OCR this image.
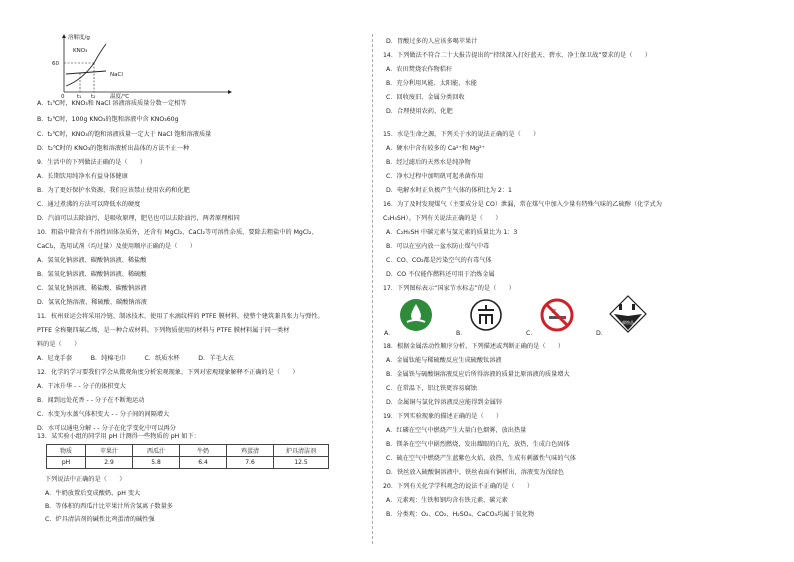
溶解度/g
KNO₃
NaCl
60
0 t₁ t₂	温度/℃
A．t₁℃时，KNO₃和 NaCl 溶液溶质质量分数一定相等
B．t₂℃时，100g KNO₃的饱和溶液中含 KNO₃60g
C．t₂℃时，KNO₃的饱和溶液质量一定大于 NaCl 饱和溶液质量
D．t₂℃时的 KNO₃的饱和溶液析出晶体的方法不止一种
9．生活中的下列做法正确的是（　　）
A．长期饮用纯净水有益身体健康
B．为了更好保护水资源，我们应该禁止使用农药和化肥
C．通过煮沸的方法可以降低水的硬度
D．汽油可以去除油污，是吸收原理，肥皂也可以去除油污，两者原理相同
10．粗盐中除含有不溶性固体杂质外，还含有 MgCl₂、CaCl₂等可溶性杂质，要除去粗盐中的 MgCl₂、
CaCl₂，选用试剂（均过量）及使用顺序正确的是（　　）
A．氢氧化钠溶液、碳酸钠溶液、稀盐酸
B．氢氧化钠溶液、碳酸钠溶液、稀硫酸
C．氢氧化钠溶液、稀盐酸、碳酸钠溶液
D．氢氧化钠溶液、稀硫酸、碳酸钠溶液
11．杭州亚运会将采用冷链、制冰技术、使用了水滴纹样的 PTFE 膜材料，使整个建筑兼具张力与弹性。
PTFE 全称聚四氟乙烯，是一种合成材料。下列物质使用的材料与 PTFE 膜材料属于同一类材
料的是（　　）
A．尼龙手套　　　B．纯棉毛巾　　　C．纸质水杯　　　D．羊毛大衣
12．化学的学习要我们学会从微观角度分析宏观现象，下列对宏观现象解释不正确的是（　　）
A．干冰升华 - - 分子的体积变大
B．闻到远处花香 - - 分子在不断地运动
C．水变为水蒸气体积变大 - - 分子间的间隔增大
D．水可以通电分解 - - 分子在化学变化中可以再分
13．某实验小组的同学用 pH 计测得一些物质的 pH 如下：
下列说法中正确的是（　　）
A．牛奶放置后变成酸奶，pH 变大
B．等体积的西瓜汁比苹果汁所含氢离子数量多
C．炉具清洁剂的碱性比鸡蛋清的碱性强
物质	苹果汁	西瓜汁	牛奶	鸡蛋清	炉具清洁剂
pH	2.9	5.8	6.4	7.6	12.5
D．胃酸过多的人应该多喝苹果汁
14．下列做法不符合二十大报告提出的“持续深入打好蓝天、碧水、净土保卫战”要求的是（　　）
A．农田焚烧农作物秸秆
B．充分利用风能、太阳能、水能
C．回收废旧、金属分类回收
D．合理使用农药、化肥
15．水是生命之源，下列关于水的说法正确的是（　　）
A．硬水中含有较多的 Ca²⁺和 Mg²⁺
B．经过滤后的天然水是纯净物
C．净水过程中加明矾可起杀菌作用
D．电解水时正负极产生气体的体积比为 2：1
16．为了及时发现煤气（主要成分是 CO）泄漏，常在煤气中加入少量有特殊气味的乙硫醇（化学式为
C₂H₅SH）。下列有关说法正确的是（　　）
A．C₂H₅SH 中碳元素与氢元素的质量比为 1：3
B．可以在室内放一盆水防止煤气中毒
C．CO、CO₂都是污染空气的有毒气体
D．CO 不仅能作燃料还可用于冶炼金属
17．下列图标表示“国家节水标志”的是（　　）
A．	B．	C．	D．
腐蚀品
18．根据金属活动性顺序分析，下列描述或判断正确的是（　　）
A．金属钛能与稀硫酸反应生成硫酸钛溶液
B．金属铁与硫酸铜溶液反应后所得溶液的质量比原溶液的质量增大
C．在常温下，铝比铁更容易腐蚀
D．金属铜与氯化锌溶液反应能得到金属锌
19．下列实验现象的描述正确的是（　　）
A．红磷在空气中燃烧产生大量白色烟雾，放出热量
B．镁条在空气中剧烈燃烧，发出耀眼的白光，放热，生成白色固体
C．硫在空气中燃烧产生蓝紫色火焰，放热，生成有刺激性气味的气体
D．铁丝放入硫酸铜溶液中，铁丝表面有铜析出，溶液变为浅绿色
20．下列有关化学学科观念的说法不正确的是（　　）
A．元素观：生铁和钢均含有铁元素、碳元素
B．分类观：O₂、CO₂、H₂SO₄、CaCO₃均属于氧化物
